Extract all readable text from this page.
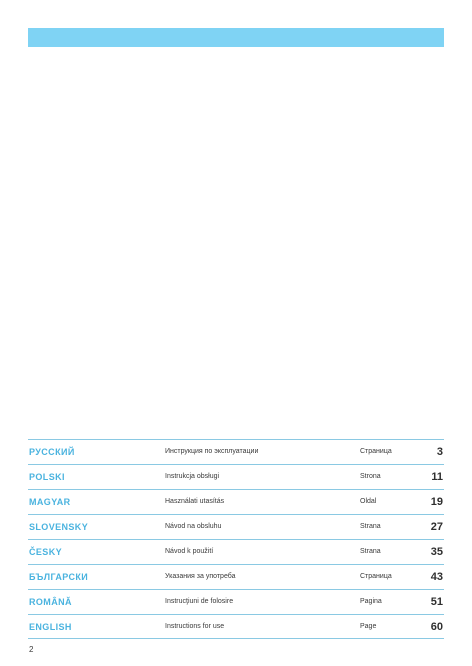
РУССКИЙ	Инструкция по эксплуатации	Страница	3
POLSKI	Instrukcja obsługi	Strona	11
MAGYAR	Használati utasítás	Oldal	19
SLOVENSKY	Návod na obsluhu	Strana	27
ČESKY	Návod k použití	Strana	35
БЪЛГАРСКИ	Указания за употреба	Страница	43
ROMÂNĂ	Instrucţiuni de folosire	Pagina	51
ENGLISH	Instructions for use	Page	60
2
